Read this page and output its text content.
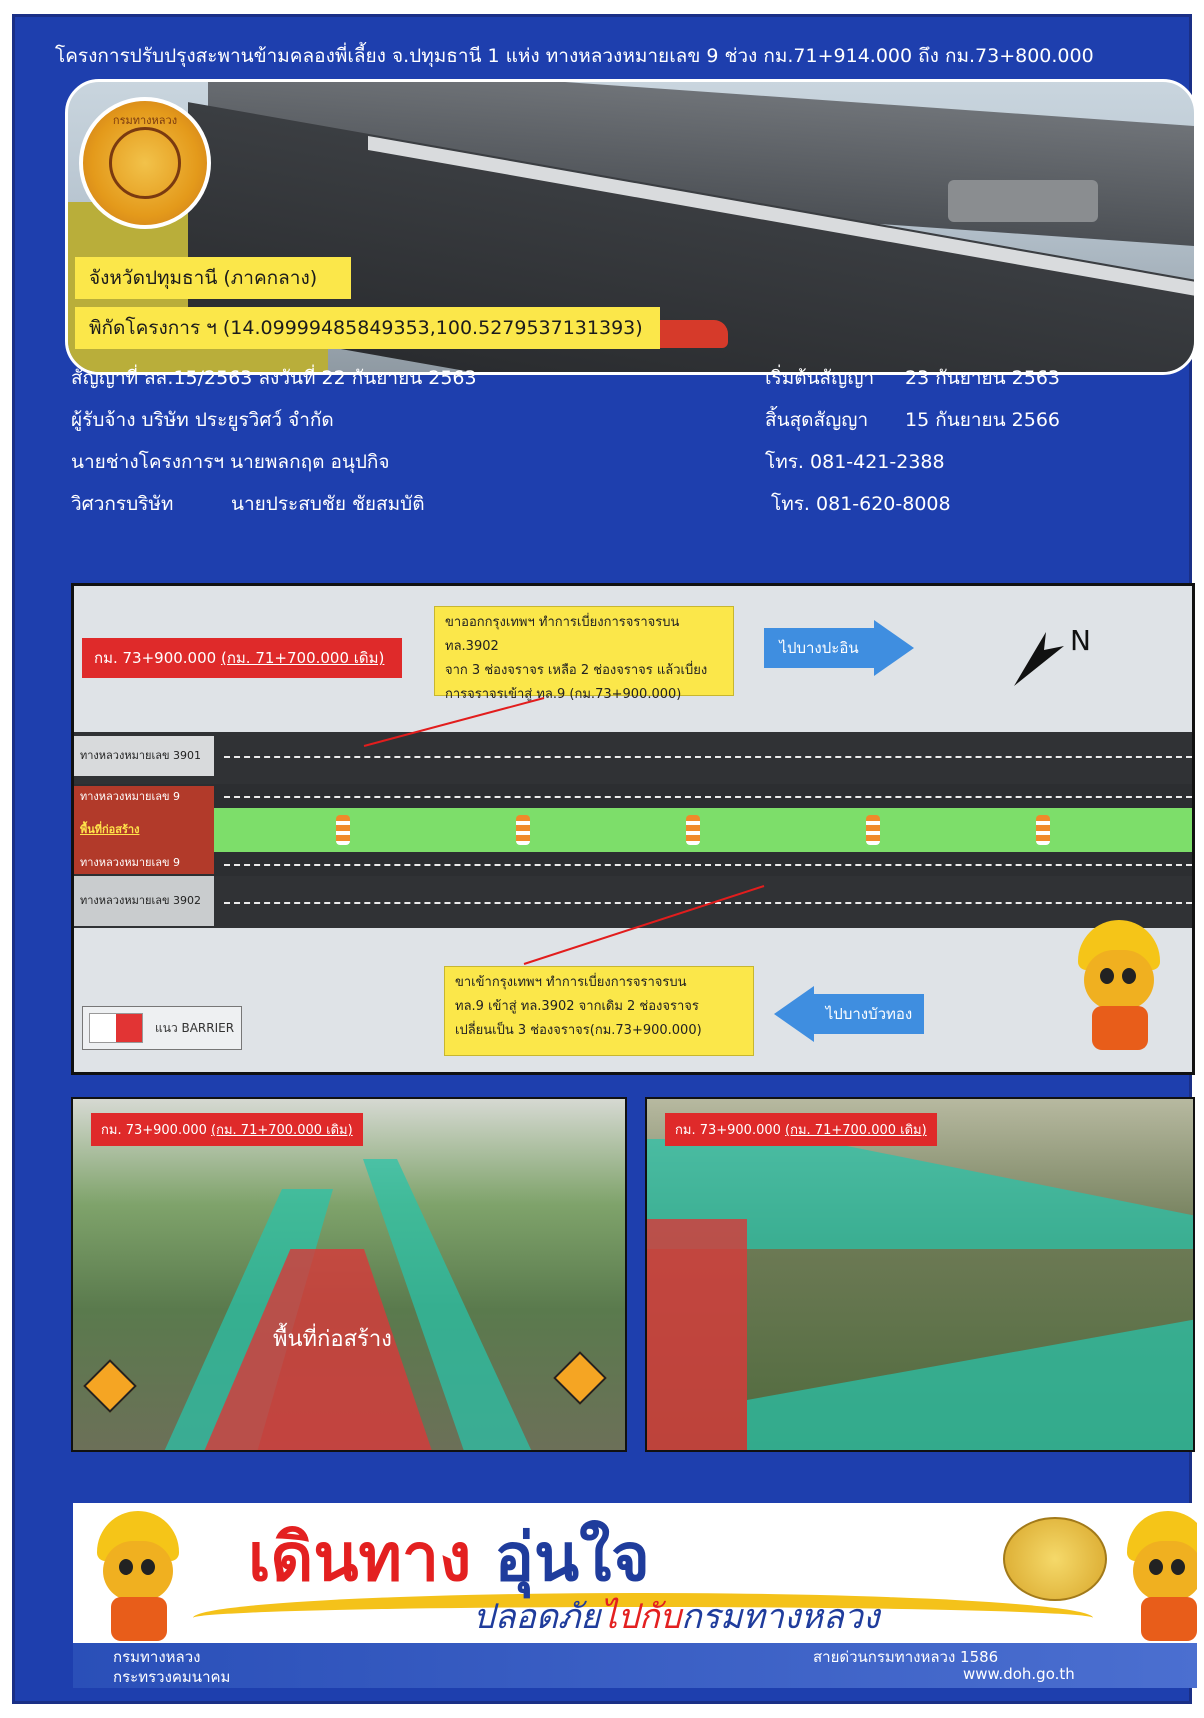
โครงการปรับปรุงสะพานข้ามคลองพี่เลี้ยง จ.ปทุมธานี 1 แห่ง ทางหลวงหมายเลข 9 ช่วง กม.71+914.000 ถึง กม.73+800.000
กรมทางหลวง
จังหวัดปทุมธานี (ภาคกลาง)
พิกัดโครงการ ฯ (14.09999485849353,100.5279537131393)
สัญญาที่ สส.15/2563 ลงวันที่ 22 กันยายน 2563
ผู้รับจ้าง บริษัท ประยูรวิศว์ จำกัด
นายช่างโครงการฯ นายพลกฤต อนุปกิจ
วิศวกรบริษัท	นายประสบชัย ชัยสมบัติ
เริ่มต้นสัญญา 23 กันยายน 2563
สิ้นสุดสัญญา 15 กันยายน 2566
โทร. 081-421-2388
โทร. 081-620-8008
กม. 73+900.000 (กม. 71+700.000 เดิม)
ขาออกกรุงเทพฯ ทำการเบี่ยงการจราจรบน ทล.3902
จาก 3 ช่องจราจร เหลือ 2 ช่องจราจร แล้วเบี่ยง
การจราจรเข้าสู่ ทล.9 (กม.73+900.000)
ไปบางปะอิน	N
ทางหลวงหมายเลข 3901
ทางหลวงหมายเลข 9
พื้นที่ก่อสร้าง
ทางหลวงหมายเลข 9
ทางหลวงหมายเลข 3902
ขาเข้ากรุงเทพฯ ทำการเบี่ยงการจราจรบน
ทล.9 เข้าสู่ ทล.3902 จากเดิม 2 ช่องจราจร
เปลี่ยนเป็น 3 ช่องจราจร(กม.73+900.000)
ไปบางบัวทอง
แนว BARRIER
กม. 73+900.000 (กม. 71+700.000 เดิม)
พื้นที่ก่อสร้าง
กม. 73+900.000 (กม. 71+700.000 เดิม)
เดินทาง อุ่นใจ
ปลอดภัยไปกับกรมทางหลวง
กรมทางหลวง
กระทรวงคมนาคม
สายด่วนกรมทางหลวง 1586
www.doh.go.th
